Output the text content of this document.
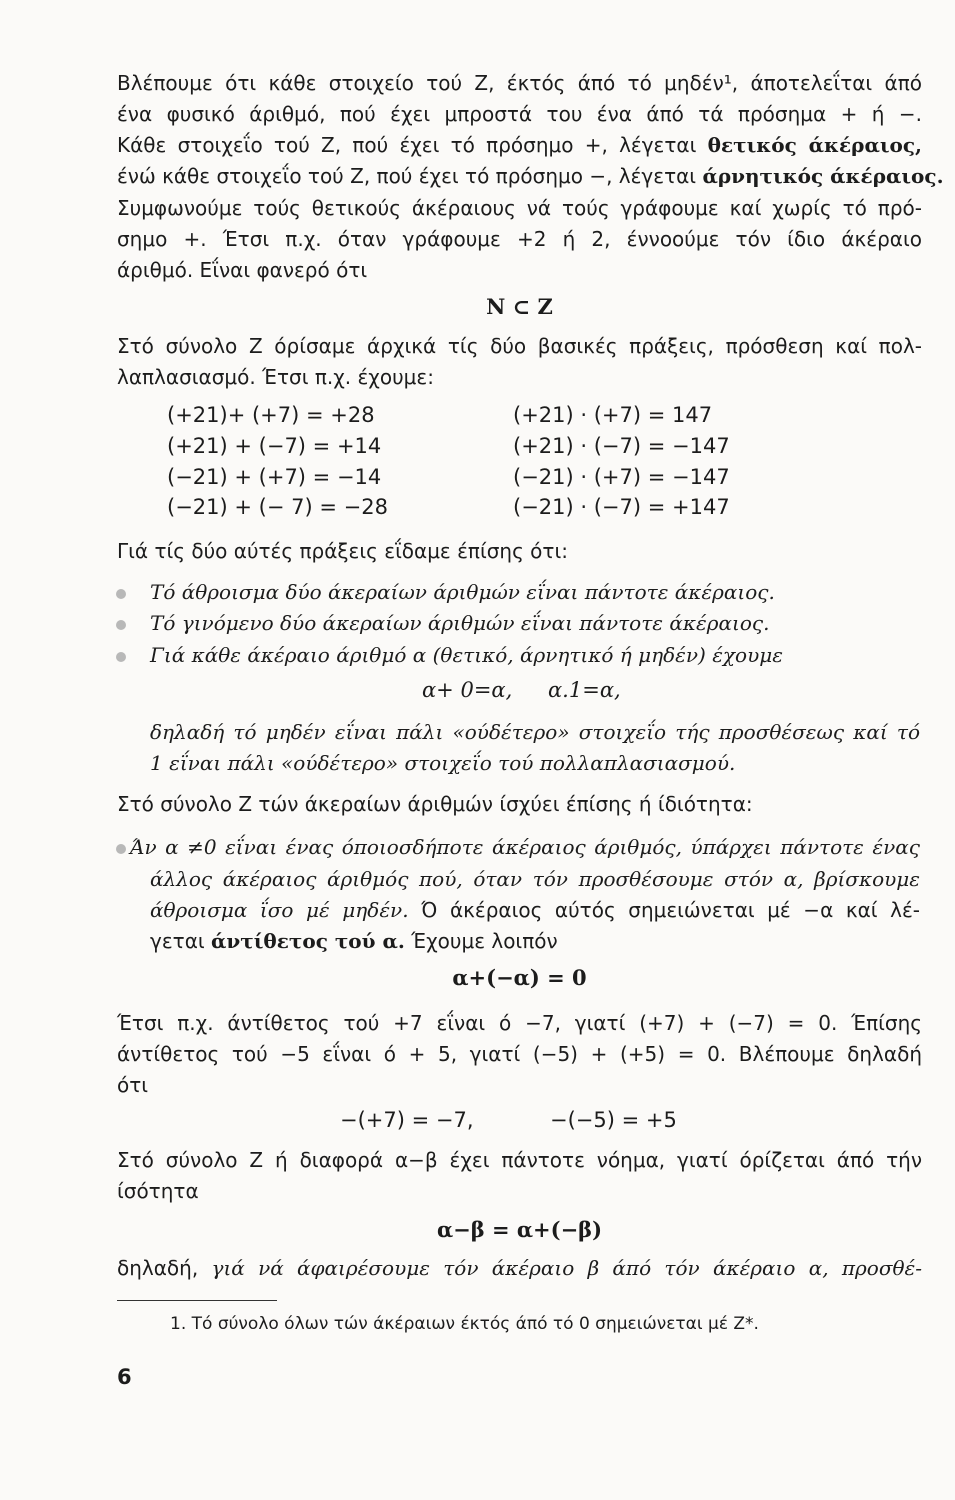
Βλέπουμε ότι κάθε στοιχείο τού Ζ, έκτός άπό τό μηδέν¹, άποτελεΐται άπό
ένα φυσικό άριθμό, πού έχει μπροστά του ένα άπό τά πρόσημα + ή −.
Κάθε στοιχεΐο τού Ζ, πού έχει τό πρόσημο +, λέγεται θετικός άκέραιος,
ένώ κάθε στοιχεΐο τού Ζ, πού έχει τό πρόσημο −, λέγεται άρνητικός άκέραιος.
Συμφωνούμε τούς θετικούς άκέραιους νά τούς γράφουμε καί χωρίς τό πρό-
σημο +. Έτσι π.χ. όταν γράφουμε +2 ή 2, έννοούμε τόν ίδιο άκέραιο
άριθμό. Εΐναι φανερό ότι
N ⊂ Z
Στό σύνολο Ζ όρίσαμε άρχικά τίς δύο βασικές πράξεις, πρόσθεση καί πολ-
λαπλασιασμό. Έτσι π.χ. έχουμε:
(+21)+ (+7) = +28
(+21) + (−7) = +14
(−21) + (+7) = −14
(−21) + (− 7) = −28
(+21) · (+7) = 147
(+21) · (−7) = −147
(−21) · (+7) = −147
(−21) · (−7) = +147
Γιά τίς δύο αύτές πράξεις εΐδαμε έπίσης ότι:
Τό άθροισμα δύο άκεραίων άριθμών εΐναι πάντοτε άκέραιος.
Τό γινόμενο δύο άκεραίων άριθμών εΐναι πάντοτε άκέραιος.
Γιά κάθε άκέραιο άριθμό α (θετικό, άρνητικό ή μηδέν) έχουμε
α+ 0=α, α.1=α,
δηλαδή τό μηδέν εΐναι πάλι «ούδέτερο» στοιχεΐο τής προσθέσεως καί τό
1 εΐναι πάλι «ούδέτερο» στοιχεΐο τού πολλαπλασιασμού.
Στό σύνολο Ζ τών άκεραίων άριθμών ίσχύει έπίσης ή ίδιότητα:
Άν α ≠0 εΐναι ένας όποιοσδήποτε άκέραιος άριθμός, ύπάρχει πάντοτε ένας
άλλος άκέραιος άριθμός πού, όταν τόν προσθέσουμε στόν α, βρίσκουμε
άθροισμα ΐσο μέ μηδέν. Ό άκέραιος αύτός σημειώνεται μέ −α καί λέ-
γεται άντίθετος τού α. Έχουμε λοιπόν
α+(−α) = 0
Έτσι π.χ. άντίθετος τού +7 εΐναι ό −7, γιατί (+7) + (−7) = 0. Έπίσης
άντίθετος τού −5 εΐναι ό + 5, γιατί (−5) + (+5) = 0. Βλέπουμε δηλαδή
ότι
−(+7) = −7,	−(−5) = +5
Στό σύνολο Ζ ή διαφορά α−β έχει πάντοτε νόημα, γιατί όρίζεται άπό τήν
ίσότητα
α−β = α+(−β)
δηλαδή, γιά νά άφαιρέσουμε τόν άκέραιο β άπό τόν άκέραιο α, προσθέ-
1. Τό σύνολο όλων τών άκέραιων έκτός άπό τό 0 σημειώνεται μέ Ζ*.
6
